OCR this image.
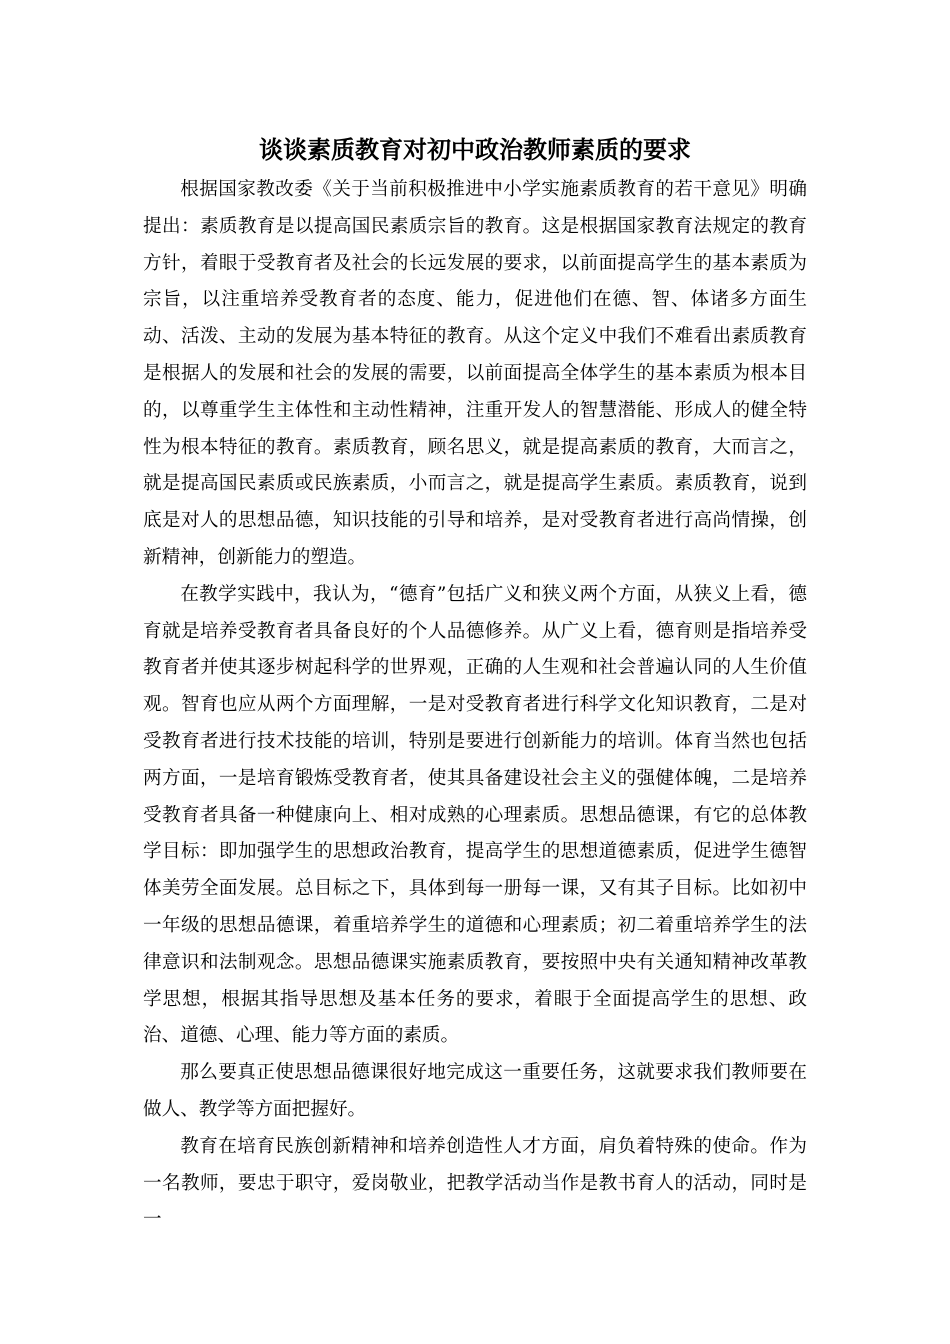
谈谈素质教育对初中政治教师素质的要求

根据国家教改委《关于当前积极推进中小学实施素质教育的若干意见》明确提出：素质教育是以提高国民素质宗旨的教育。这是根据国家教育法规定的教育方针，着眼于受教育者及社会的长远发展的要求，以前面提高学生的基本素质为宗旨，以注重培养受教育者的态度、能力，促进他们在德、智、体诸多方面生动、活泼、主动的发展为基本特征的教育。从这个定义中我们不难看出素质教育是根据人的发展和社会的发展的需要，以前面提高全体学生的基本素质为根本目的，以尊重学生主体性和主动性精神，注重开发人的智慧潜能、形成人的健全特性为根本特征的教育。素质教育，顾名思义，就是提高素质的教育，大而言之，就是提高国民素质或民族素质，小而言之，就是提高学生素质。素质教育，说到底是对人的思想品德，知识技能的引导和培养，是对受教育者进行高尚情操，创新精神，创新能力的塑造。

在教学实践中，我认为，“德育”包括广义和狭义两个方面，从狭义上看，德育就是培养受教育者具备良好的个人品德修养。从广义上看，德育则是指培养受教育者并使其逐步树起科学的世界观，正确的人生观和社会普遍认同的人生价值观。智育也应从两个方面理解，一是对受教育者进行科学文化知识教育，二是对受教育者进行技术技能的培训，特别是要进行创新能力的培训。体育当然也包括两方面，一是培育锻炼受教育者，使其具备建设社会主义的强健体魄，二是培养受教育者具备一种健康向上、相对成熟的心理素质。思想品德课，有它的总体教学目标：即加强学生的思想政治教育，提高学生的思想道德素质，促进学生德智体美劳全面发展。总目标之下，具体到每一册每一课，又有其子目标。比如初中一年级的思想品德课，着重培养学生的道德和心理素质；初二着重培养学生的法律意识和法制观念。思想品德课实施素质教育，要按照中央有关通知精神改革教学思想，根据其指导思想及基本任务的要求，着眼于全面提高学生的思想、政治、道德、心理、能力等方面的素质。

那么要真正使思想品德课很好地完成这一重要任务，这就要求我们教师要在做人、教学等方面把握好。

教育在培育民族创新精神和培养创造性人才方面，肩负着特殊的使命。作为一名教师，要忠于职守，爱岗敬业，把教学活动当作是教书育人的活动，同时是一
